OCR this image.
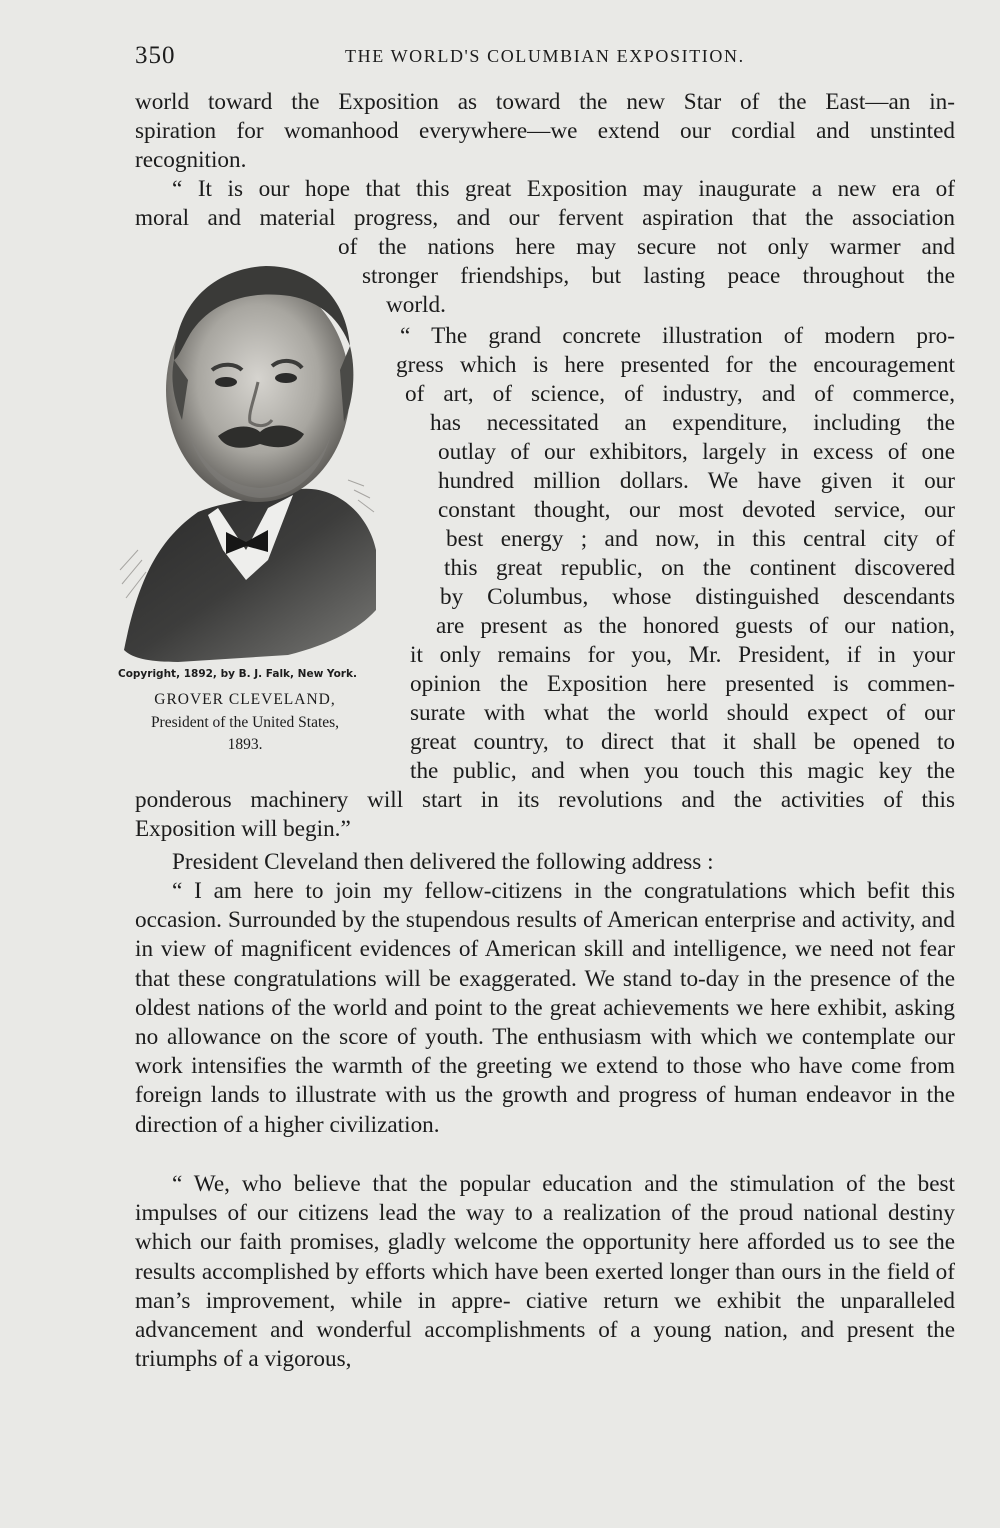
350	THE WORLD'S COLUMBIAN EXPOSITION.
world toward the Exposition as toward the new Star of the East—an in-
spiration for womanhood everywhere—we extend our cordial and unstinted
recognition.
“ It is our hope that this great Exposition may inaugurate a new era of
moral and material progress, and our fervent aspiration that the association
of the nations here may secure not only warmer and
stronger friendships, but lasting peace throughout the
world.
“ The grand concrete illustration of modern pro-
gress which is here presented for the encouragement
of art, of science, of industry, and of commerce,
has necessitated an expenditure, including the
outlay of our exhibitors, largely in excess of one
hundred million dollars. We have given it our
constant thought, our most devoted service, our
best energy ; and now, in this central city of
this great republic, on the continent discovered
by Columbus, whose distinguished descendants
are present as the honored guests of our nation,
it only remains for you, Mr. President, if in your
opinion the Exposition here presented is commen-
surate with what the world should expect of our
great country, to direct that it shall be opened to
the public, and when you touch this magic key the
ponderous machinery will start in its revolutions and the activities of this
Exposition will begin.”
Copyright, 1892, by B. J. Falk, New York.
GROVER CLEVELAND,
President of the United States,
1893.
President Cleveland then delivered the following address :
“ I am here to join my fellow-citizens in the congratulations which befit this occasion. Surrounded by the stupendous results of American enterprise and activity, and in view of magnificent evidences of American skill and intelligence, we need not fear that these congratulations will be exaggerated. We stand to-day in the presence of the oldest nations of the world and point to the great achievements we here exhibit, asking no allowance on the score of youth. The enthusiasm with which we contemplate our work intensifies the warmth of the greeting we extend to those who have come from foreign lands to illustrate with us the growth and progress of human endeavor in the direction of a higher civilization.
“ We, who believe that the popular education and the stimulation of the best impulses of our citizens lead the way to a realization of the proud national destiny which our faith promises, gladly welcome the opportunity here afforded us to see the results accomplished by efforts which have been exerted longer than ours in the field of man’s improvement, while in appre- ciative return we exhibit the unparalleled advancement and wonderful accomplishments of a young nation, and present the triumphs of a vigorous,
